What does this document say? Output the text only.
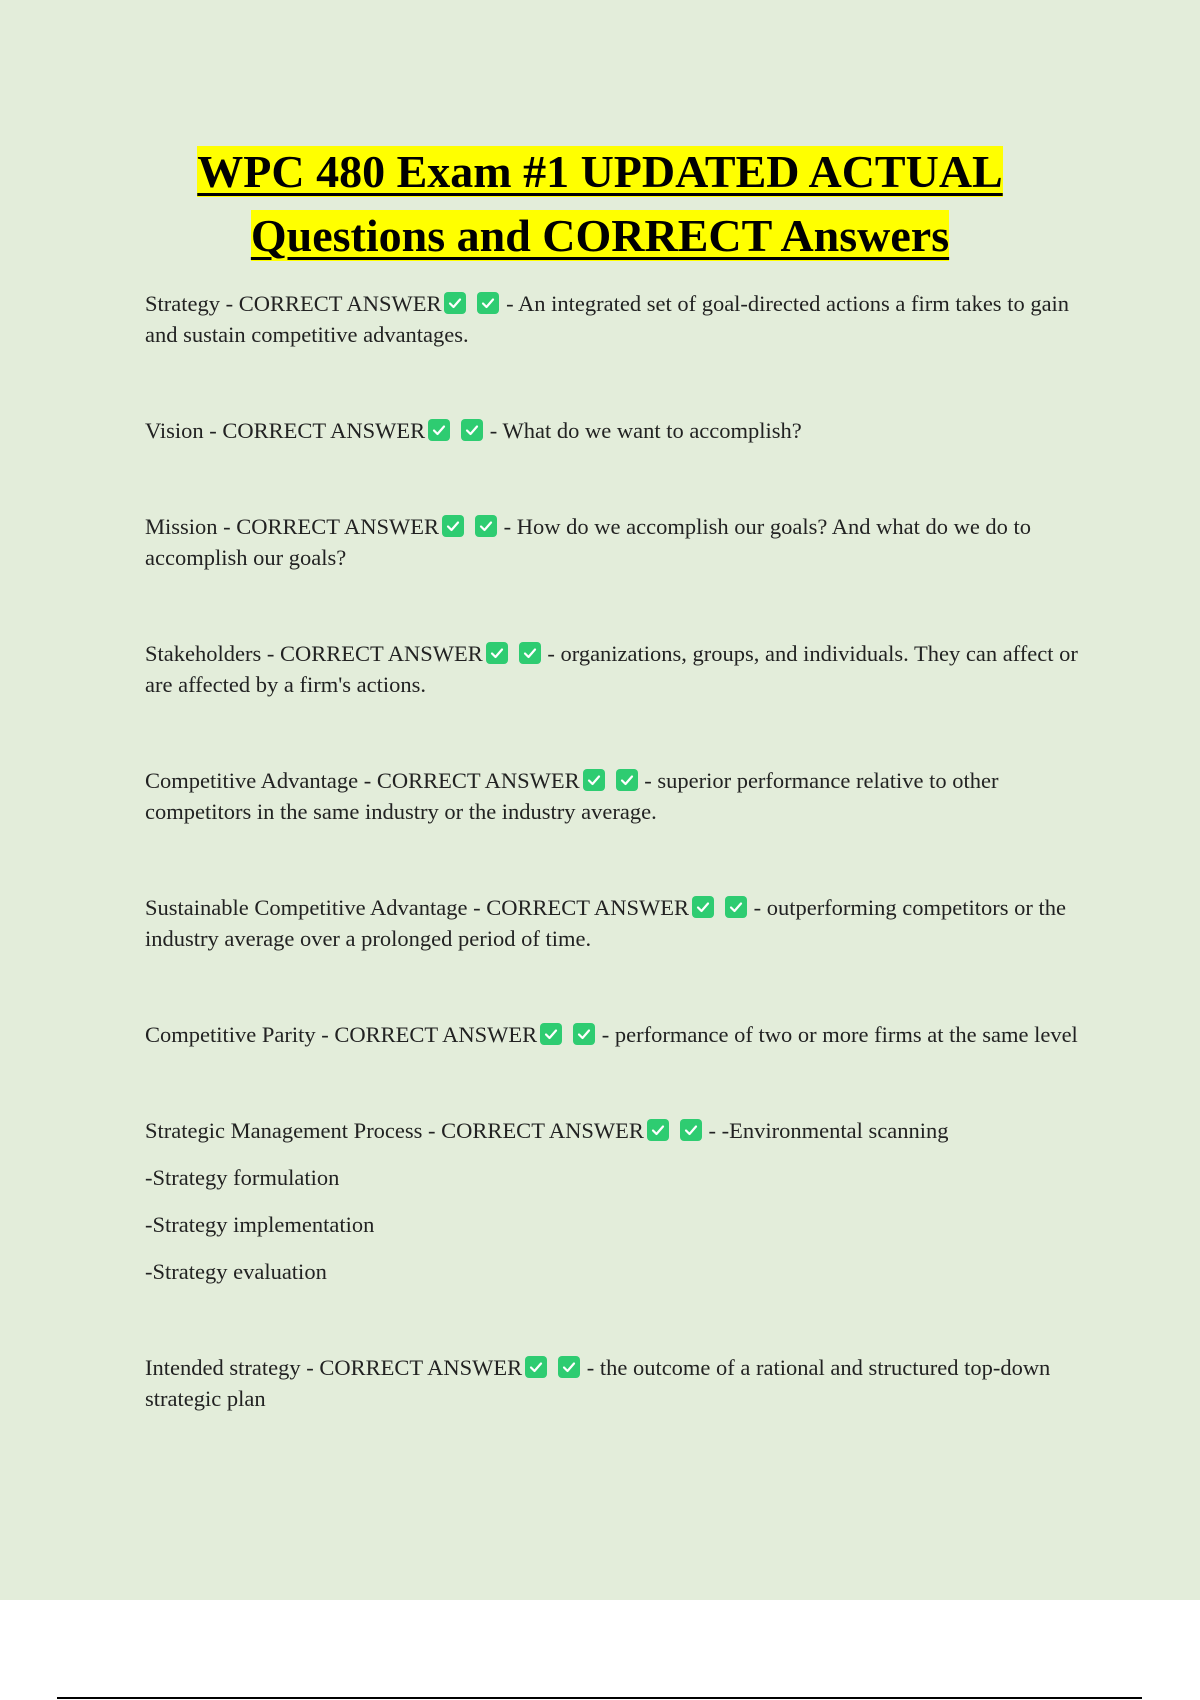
WPC 480 Exam #1 UPDATED ACTUAL
Questions and CORRECT Answers

Strategy - CORRECT ANSWER	- An integrated set of goal-directed actions a firm takes to gain and sustain competitive advantages.

Vision - CORRECT ANSWER	- What do we want to accomplish?

Mission - CORRECT ANSWER	- How do we accomplish our goals? And what do we do to accomplish our goals?

Stakeholders - CORRECT ANSWER	- organizations, groups, and individuals. They can affect or are affected by a firm's actions.

Competitive Advantage - CORRECT ANSWER	- superior performance relative to other competitors in the same industry or the industry average.

Sustainable Competitive Advantage - CORRECT ANSWER	- outperforming competitors or the industry average over a prolonged period of time.

Competitive Parity - CORRECT ANSWER	- performance of two or more firms at the same level

Strategic Management Process - CORRECT ANSWER	- -Environmental scanning
-Strategy formulation
-Strategy implementation
-Strategy evaluation

Intended strategy - CORRECT ANSWER	- the outcome of a rational and structured top-down strategic plan
